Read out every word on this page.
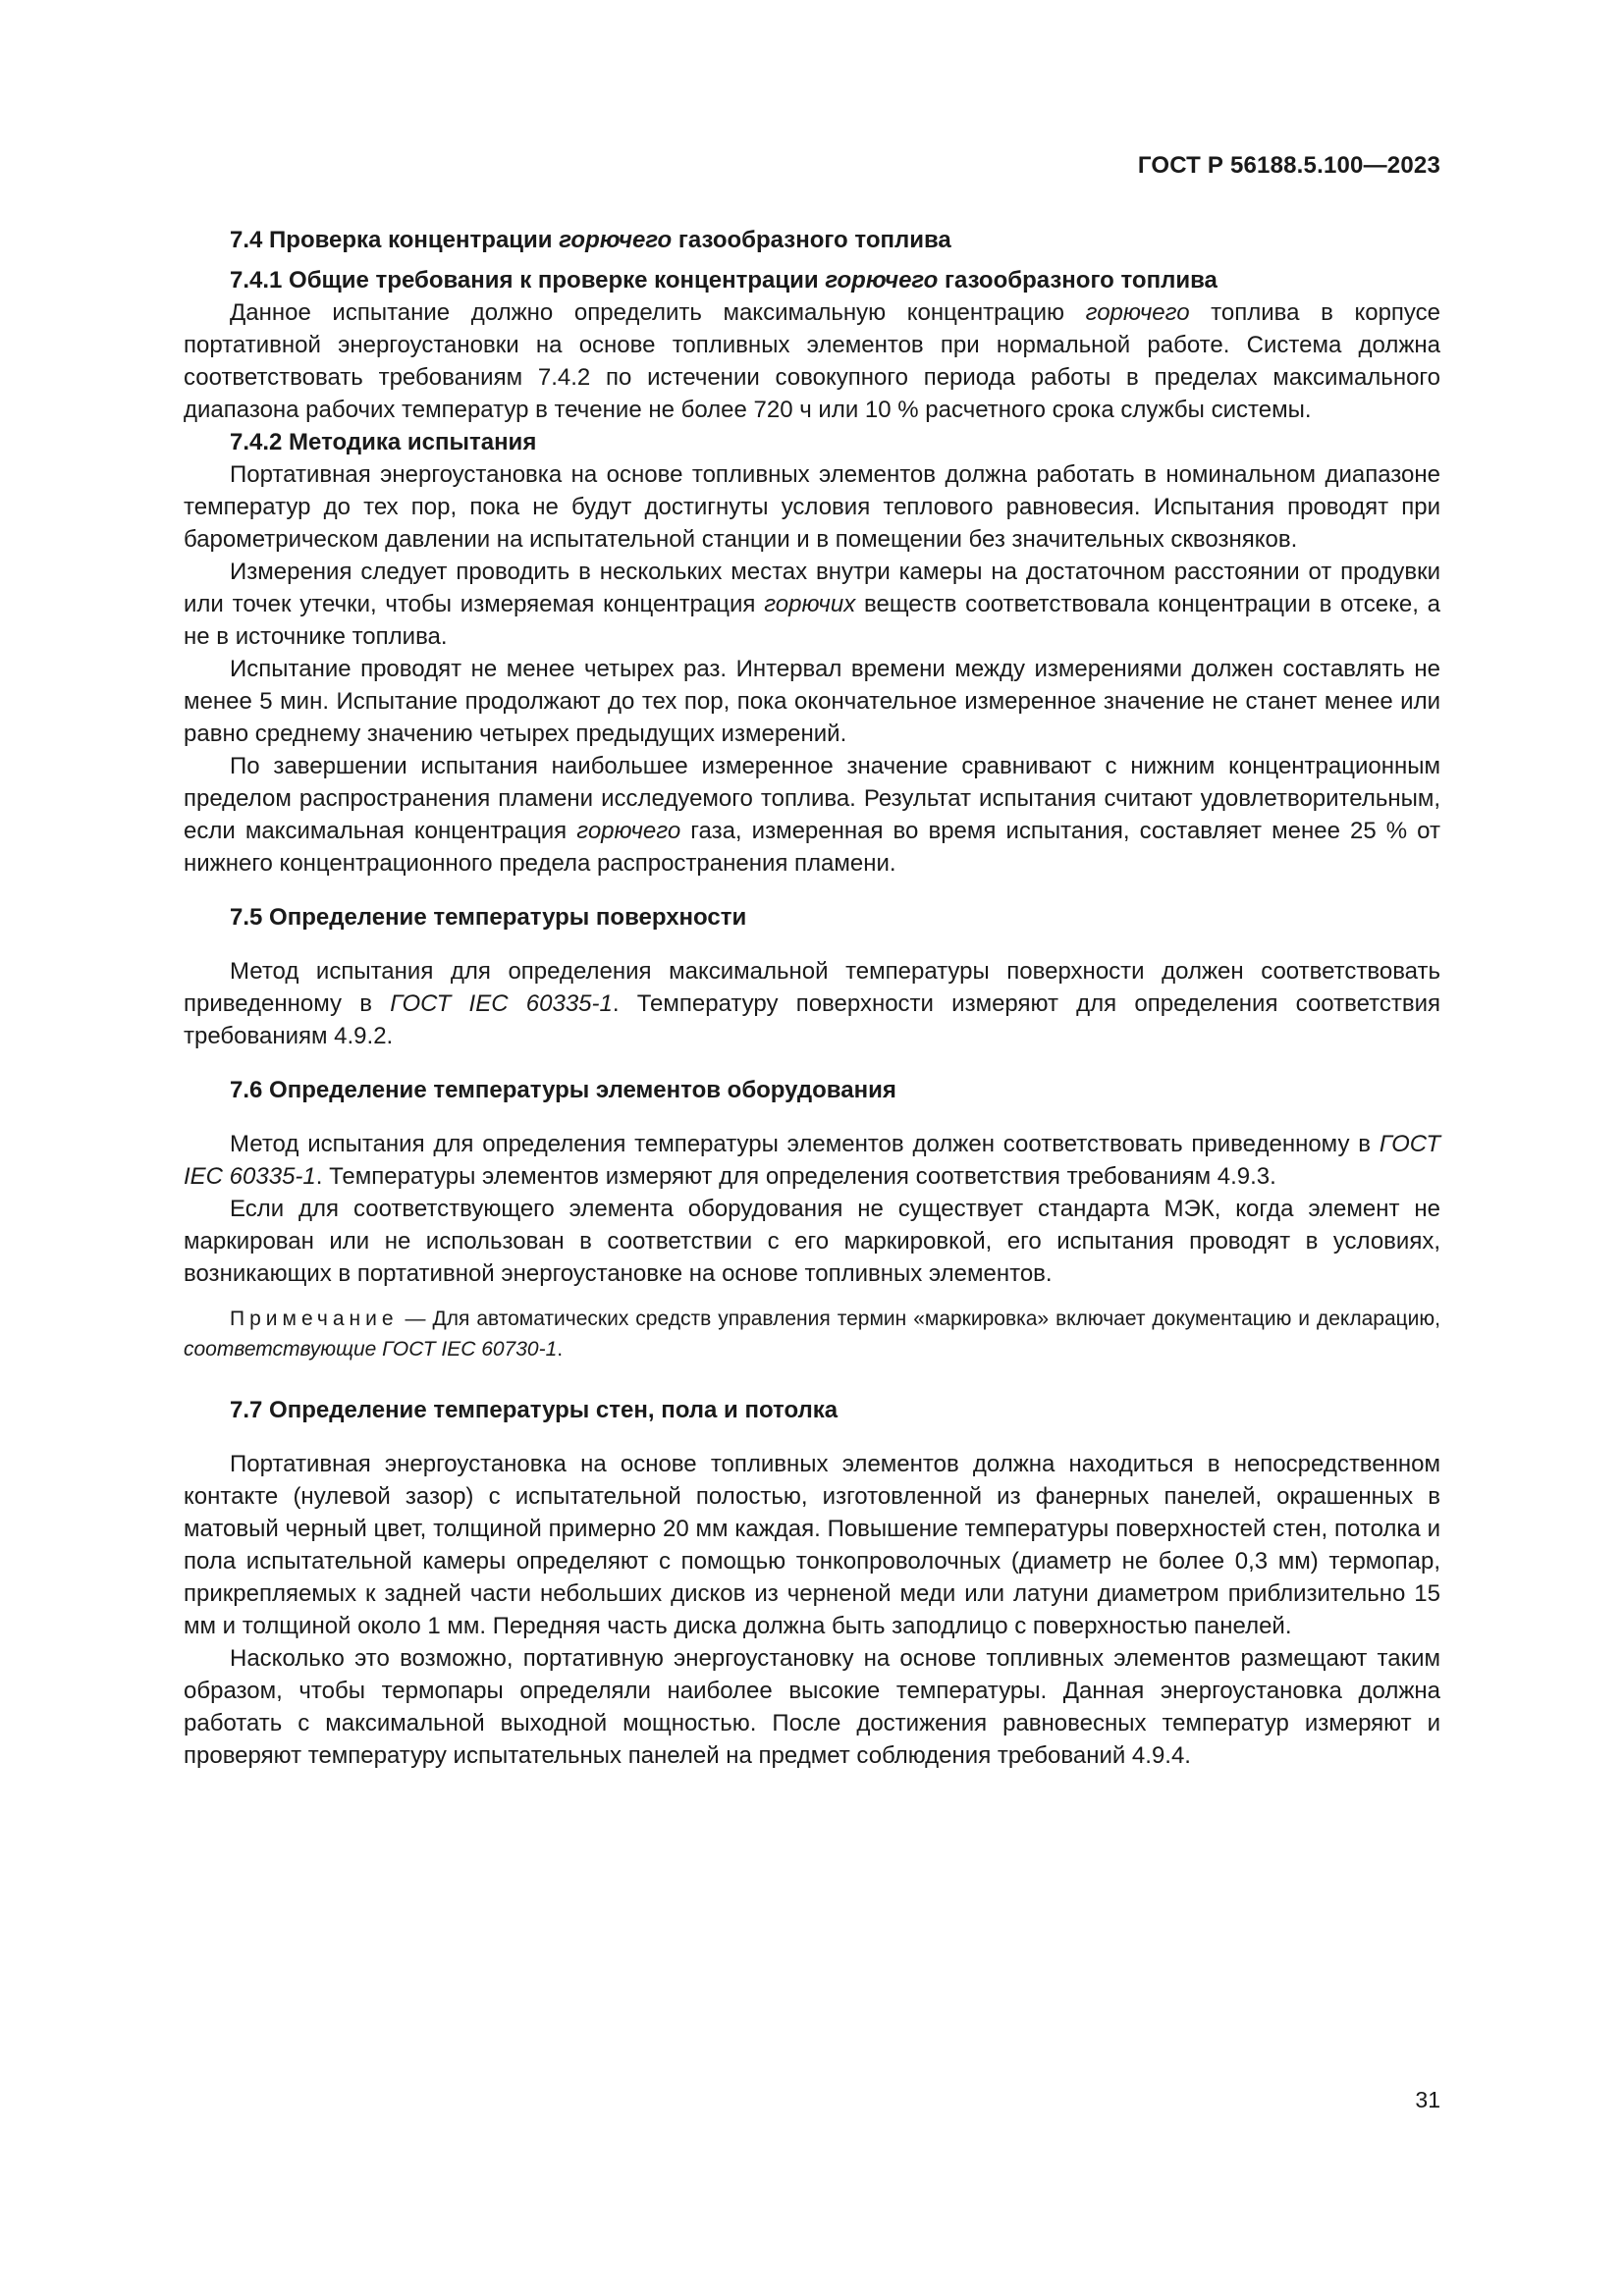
ГОСТ Р 56188.5.100—2023
7.4 Проверка концентрации горючего газообразного топлива
7.4.1 Общие требования к проверке концентрации горючего газообразного топлива

Данное испытание должно определить максимальную концентрацию горючего топлива в корпусе портативной энергоустановки на основе топливных элементов при нормальной работе. Система должна соответствовать требованиям 7.4.2 по истечении совокупного периода работы в пределах максимального диапазона рабочих температур в течение не более 720 ч или 10 % расчетного срока службы системы.

7.4.2 Методика испытания

Портативная энергоустановка на основе топливных элементов должна работать в номинальном диапазоне температур до тех пор, пока не будут достигнуты условия теплового равновесия. Испытания проводят при барометрическом давлении на испытательной станции и в помещении без значительных сквозняков.

Измерения следует проводить в нескольких местах внутри камеры на достаточном расстоянии от продувки или точек утечки, чтобы измеряемая концентрация горючих веществ соответствовала концентрации в отсеке, а не в источнике топлива.

Испытание проводят не менее четырех раз. Интервал времени между измерениями должен составлять не менее 5 мин. Испытание продолжают до тех пор, пока окончательное измеренное значение не станет менее или равно среднему значению четырех предыдущих измерений.

По завершении испытания наибольшее измеренное значение сравнивают с нижним концентрационным пределом распространения пламени исследуемого топлива. Результат испытания считают удовлетворительным, если максимальная концентрация горючего газа, измеренная во время испытания, составляет менее 25 % от нижнего концентрационного предела распространения пламени.

7.5 Определение температуры поверхности

Метод испытания для определения максимальной температуры поверхности должен соответствовать приведенному в ГОСТ IEC 60335-1. Температуру поверхности измеряют для определения соответствия требованиям 4.9.2.

7.6 Определение температуры элементов оборудования

Метод испытания для определения температуры элементов должен соответствовать приведенному в ГОСТ IEC 60335-1. Температуры элементов измеряют для определения соответствия требованиям 4.9.3.

Если для соответствующего элемента оборудования не существует стандарта МЭК, когда элемент не маркирован или не использован в соответствии с его маркировкой, его испытания проводят в условиях, возникающих в портативной энергоустановке на основе топливных элементов.

Примечание — Для автоматических средств управления термин «маркировка» включает документацию и декларацию, соответствующие ГОСТ IEC 60730-1.

7.7 Определение температуры стен, пола и потолка

Портативная энергоустановка на основе топливных элементов должна находиться в непосредственном контакте (нулевой зазор) с испытательной полостью, изготовленной из фанерных панелей, окрашенных в матовый черный цвет, толщиной примерно 20 мм каждая. Повышение температуры поверхностей стен, потолка и пола испытательной камеры определяют с помощью тонкопроволочных (диаметр не более 0,3 мм) термопар, прикрепляемых к задней части небольших дисков из черненой меди или латуни диаметром приблизительно 15 мм и толщиной около 1 мм. Передняя часть диска должна быть заподлицо с поверхностью панелей.

Насколько это возможно, портативную энергоустановку на основе топливных элементов размещают таким образом, чтобы термопары определяли наиболее высокие температуры. Данная энергоустановка должна работать с максимальной выходной мощностью. После достижения равновесных температур измеряют и проверяют температуру испытательных панелей на предмет соблюдения требований 4.9.4.

31
